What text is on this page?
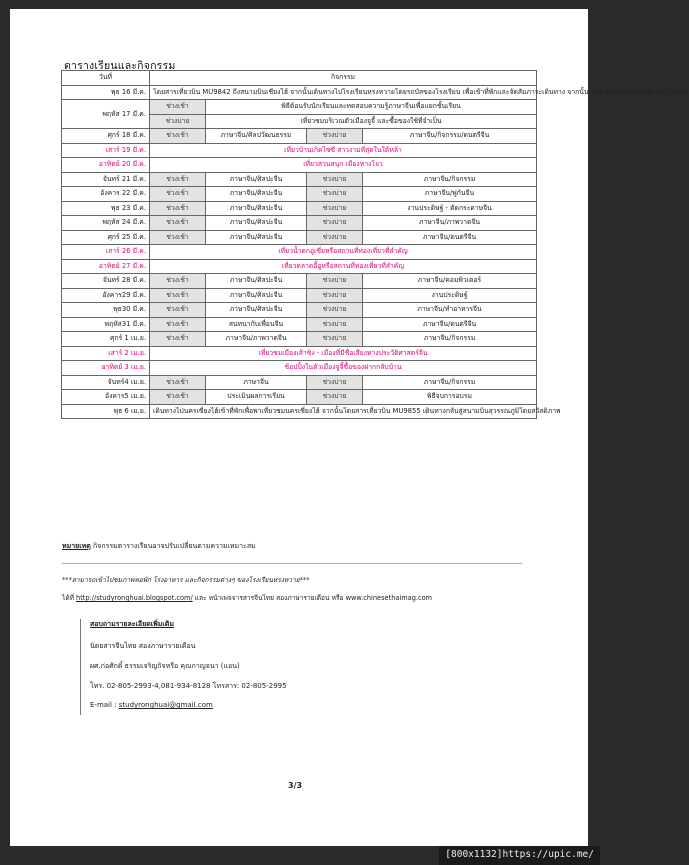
ตารางเรียนและกิจกรรม
วันที่	กิจกรรม			
พุธ 16 มี.ค.	โดยสารเที่ยวบิน MU9842 ถึงสนามบินเชียงไฮ้ จากนั้นเดินทางไปโรงเรียนหรงหวายโดยรถบัสของโรงเรียน เพื่อเข้าที่พักและจัดสัมภาระเดินทาง จากนั้น เหล่าชื่อพาเดินชมบริเวณโรงเรียน			
พฤหัส 17 มี.ค.	ช่วงเช้า	พิธีต้อนรับนักเรียนและทดสอบความรู้ภาษาจีนเพื่อแยกชั้นเรียน		
	ช่วงบ่าย	เที่ยวชมบริเวณตัวเมืองจูจี้ และซื้อของใช้ที่จำเป็น		
ศุกร์ 18 มี.ค.	ช่วงเช้า	ภาษาจีน/ศิลปวัฒนธรรม	ช่วงบ่าย	ภาษาจีน/กิจกรรม/ดนตรีจีน
เสาร์ 19 มี.ค.	เที่ยวบ้านเกิดไซซี สาวงามที่สุดในใต้หล้า			
อาทิตย์ 20 มี.ค.	เที่ยวสวนสนุก เมืองหางโจว			
จันทร์ 21 มี.ค.	ช่วงเช้า	ภาษาจีน/ศิลปะจีน	ช่วงบ่าย	ภาษาจีน/กิจกรรม
อังคาร 22 มี.ค.	ช่วงเช้า	ภาษาจีน/ศิลปะจีน	ช่วงบ่าย	ภาษาจีน/พู่กันจีน
พุธ 23 มี.ค.	ช่วงเช้า	ภาษาจีน/ศิลปะจีน	ช่วงบ่าย	งานประดิษฐ์ - ตัดกระดาษจีน
พฤหัส 24 มี.ค.	ช่วงเช้า	ภาษาจีน/ศิลปะจีน	ช่วงบ่าย	ภาษาจีน/ภาพวาดจีน
ศุกร์ 25 มี.ค.	ช่วงเช้า	ภาษาจีน/ศิลปะจีน	ช่วงบ่าย	ภาษาจีน/ดนตรีจีน
เสาร์ 26 มี.ค.	เที่ยวน้ำตกอู่เซี่ยหรือสถานที่ท่องเที่ยวที่สำคัญ			
อาทิตย์ 27 มี.ค.	เที่ยวตลาดอี้อูหรือสถานที่ท่องเที่ยวที่สำคัญ			
จันทร์ 28 มี.ค.	ช่วงเช้า	ภาษาจีน/ศิลปะจีน	ช่วงบ่าย	ภาษาจีน/คอมพิวเตอร์
อังคาร29 มี.ค.	ช่วงเช้า	ภาษาจีน/ศิลปะจีน	ช่วงบ่าย	งานประดิษฐ์
พุธ30 มี.ค.	ช่วงเช้า	ภาษาจีน/ศิลปะจีน	ช่วงบ่าย	ภาษาจีน/ทำอาหารจีน
พฤหัส31 มี.ค.	ช่วงเช้า	สนทนากับเพื่อนจีน	ช่วงบ่าย	ภาษาจีน/ดนตรีจีน
ศุกร์ 1 เม.ย.	ช่วงเช้า	ภาษาจีน/ภาพวาดจีน	ช่วงบ่าย	ภาษาจีน/กิจกรรม
เสาร์ 2 เม.ย.	เที่ยวชมเมืองเส้าซิง - เมืองที่มีชื่อเสียงทางประวัติศาสตร์จีน			
อาทิตย์ 3 เม.ย.	ช้อปปิ้งในตัวเมืองจูจี้ซื้อของฝากกลับบ้าน			
จันทร์4 เม.ย.	ช่วงเช้า	ภาษาจีน	ช่วงบ่าย	ภาษาจีน/กิจกรรม
อังคาร5 เม.ย.	ช่วงเช้า	ประเมินผลการเรียน	ช่วงบ่าย	พิธีจบการอบรม
พุธ 6 เม.ย.	เดินทางไปนครเซี่ยงไฮ้เข้าที่พักเพื่อพาเที่ยวชมนครเซี่ยงไฮ้ จากนั้นโดยสารเที่ยวบิน MU9855 เดินทางกลับสู่สนามบินสุวรรณภูมิโดยสวัสดิภาพ			
หมายเหตุ กิจกรรมตารางเรียนอาจปรับเปลี่ยนตามความเหมาะสม
***สามารถเข้าไปชมภาพหอพัก โรงอาหาร และกิจกรรมต่างๆ ของโรงเรียนหรงหวาย***
ได้ที่ http://studyronghuai.blogspot.com/ และ หน้าเพจจารสารจีนไทย สองภาษารายเดือน หรือ www.chinesethaimag.com
สอบถามรายละเอียดเพิ่มเติม
นิตยสารจีนไทย สองภาษารายเดือน
ผศ.ก่อศักดิ์ ธรรมเจริญกิจหรือ คุณกาญจนา (แอน)
โทร. 02-805-2993-4,081-934-8128 โทรสาร: 02-805-2995
E-mail : studyronghuai@gmail.com
3/3
[800x1132]https://upic.me/
